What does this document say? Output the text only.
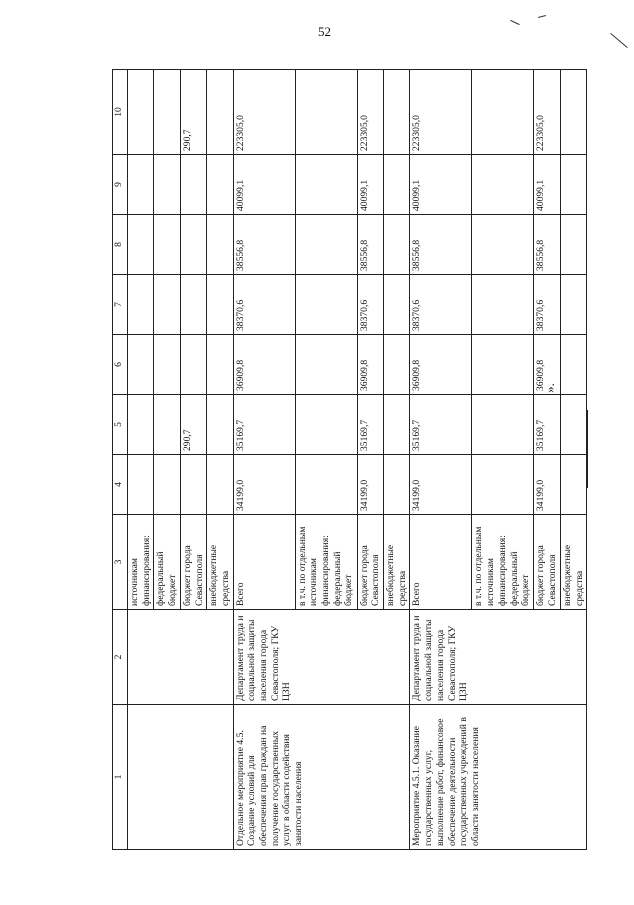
52
1	2	3	4	5	6	7	8	9	10
		источникам финансирования:							
		федеральный бюджет							
		бюджет города Севастополя		290,7					290,7
		внебюджетные средства							
Отдельное мероприятие 4.5. Создание условий для обеспечения прав граждан на получение государственных услуг в области содействия занятости населения	Департамент труда и социальной защиты населения города Севастополя; ГКУ ЦЗН	Всего	34199,0	35169,7	36909,8	38370,6	38556,8	40099,1	223305,0
		в т.ч. по отдельным источникам финансирования: федеральный бюджет							
		бюджет города Севастополя	34199,0	35169,7	36909,8	38370,6	38556,8	40099,1	223305,0
		внебюджетные средства							
Мероприятие 4.5.1. Оказание государственных услуг, выполнение работ, финансовое обеспечение деятельности государственных учреждений в области занятости населения	Департамент труда и социальной защиты населения города Севастополя; ГКУ ЦЗН	Всего	34199,0	35169,7	36909,8	38370,6	38556,8	40099,1	223305,0
		в т.ч. по отдельным источникам финансирования: федеральный бюджет							
		бюджет города Севастополя	34199,0	35169,7	36909,8	38370,6	38556,8	40099,1	223305,0
		внебюджетные средства							
».
